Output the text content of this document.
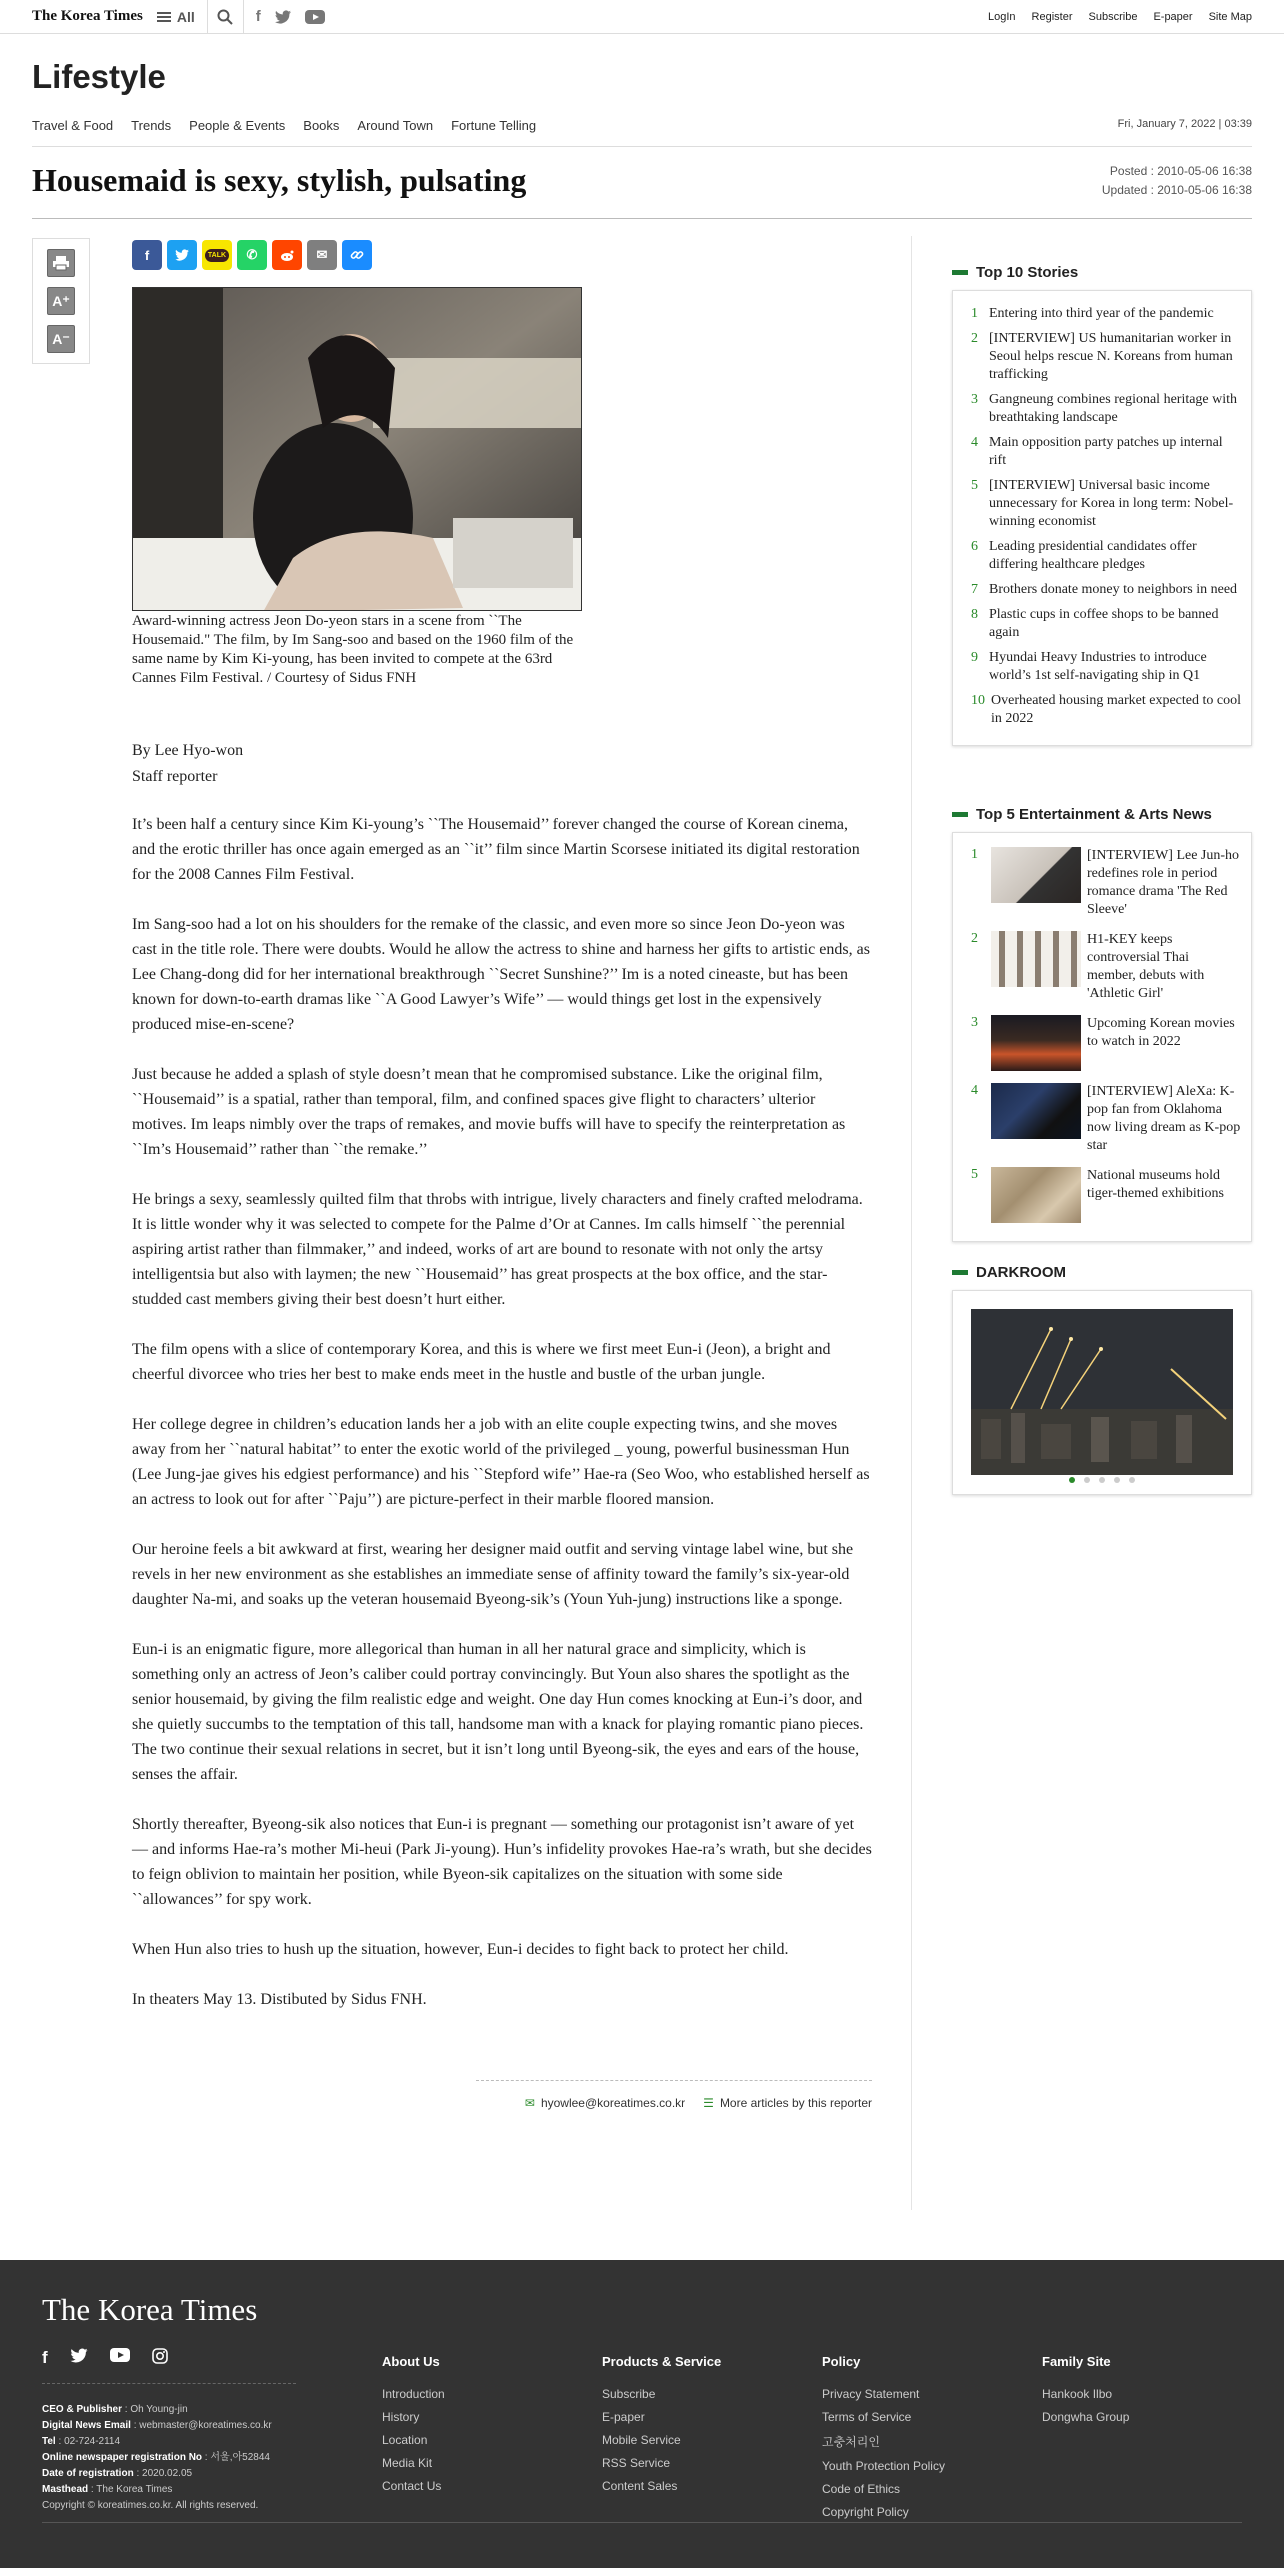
The Korea Times All	f	LogIn Register Subscribe E-paper Site Map
Lifestyle
Travel & Food Trends People & Events Books Around Town Fortune Telling	Fri, January 7, 2022 | 03:39
Housemaid is sexy, stylish, pulsating	Posted : 2010-05-06 16:38
Updated : 2010-05-06 16:38
A⁺
A⁻
f	TALK ✆	✉
Award-winning actress Jeon Do-yeon stars in a scene from ``The Housemaid." The film, by Im Sang-soo and based on the 1960 film of the same name by Kim Ki-young, has been invited to compete at the 63rd Cannes Film Festival. / Courtesy of Sidus FNH
By Lee Hyo-won
Staff reporter

It’s been half a century since Kim Ki-young’s ``The Housemaid’’ forever changed the course of Korean cinema, and the erotic thriller has once again emerged as an ``it’’ film since Martin Scorsese initiated its digital restoration for the 2008 Cannes Film Festival.

Im Sang-soo had a lot on his shoulders for the remake of the classic, and even more so since Jeon Do-yeon was cast in the title role. There were doubts. Would he allow the actress to shine and harness her gifts to artistic ends, as Lee Chang-dong did for her international breakthrough ``Secret Sunshine?’’ Im is a noted cineaste, but has been known for down-to-earth dramas like ``A Good Lawyer’s Wife’’ — would things get lost in the expensively produced mise-en-scene?

Just because he added a splash of style doesn’t mean that he compromised substance. Like the original film, ``Housemaid’’ is a spatial, rather than temporal, film, and confined spaces give flight to characters’ ulterior motives. Im leaps nimbly over the traps of remakes, and movie buffs will have to specify the reinterpretation as ``Im’s Housemaid’’ rather than ``the remake.’’

He brings a sexy, seamlessly quilted film that throbs with intrigue, lively characters and finely crafted melodrama. It is little wonder why it was selected to compete for the Palme d’Or at Cannes. Im calls himself ``the perennial aspiring artist rather than filmmaker,’’ and indeed, works of art are bound to resonate with not only the artsy intelligentsia but also with laymen; the new ``Housemaid’’ has great prospects at the box office, and the star-studded cast members giving their best doesn’t hurt either.

The film opens with a slice of contemporary Korea, and this is where we first meet Eun-i (Jeon), a bright and cheerful divorcee who tries her best to make ends meet in the hustle and bustle of the urban jungle.

Her college degree in children’s education lands her a job with an elite couple expecting twins, and she moves away from her ``natural habitat’’ to enter the exotic world of the privileged _ young, powerful businessman Hun (Lee Jung-jae gives his edgiest performance) and his ``Stepford wife’’ Hae-ra (Seo Woo, who established herself as an actress to look out for after ``Paju’’) are picture-perfect in their marble floored mansion.

Our heroine feels a bit awkward at first, wearing her designer maid outfit and serving vintage label wine, but she revels in her new environment as she establishes an immediate sense of affinity toward the family’s six-year-old daughter Na-mi, and soaks up the veteran housemaid Byeong-sik’s (Youn Yuh-jung) instructions like a sponge.

Eun-i is an enigmatic figure, more allegorical than human in all her natural grace and simplicity, which is something only an actress of Jeon’s caliber could portray convincingly. But Youn also shares the spotlight as the senior housemaid, by giving the film realistic edge and weight. One day Hun comes knocking at Eun-i’s door, and she quietly succumbs to the temptation of this tall, handsome man with a knack for playing romantic piano pieces. The two continue their sexual relations in secret, but it isn’t long until Byeong-sik, the eyes and ears of the house, senses the affair.

Shortly thereafter, Byeong-sik also notices that Eun-i is pregnant — something our protagonist isn’t aware of yet — and informs Hae-ra’s mother Mi-heui (Park Ji-young). Hun’s infidelity provokes Hae-ra’s wrath, but she decides to feign oblivion to maintain her position, while Byeon-sik capitalizes on the situation with some side ``allowances’’ for spy work.

When Hun also tries to hush up the situation, however, Eun-i decides to fight back to protect her child.

In theaters May 13. Distibuted by Sidus FNH.

✉ hyowlee@koreatimes.co.kr ☰ More articles by this reporter
Top 10 Stories
1 Entering into third year of the pandemic
2 [INTERVIEW] US humanitarian worker in Seoul helps rescue N. Koreans from human trafficking
3 Gangneung combines regional heritage with breathtaking landscape
4 Main opposition party patches up internal rift
5 [INTERVIEW] Universal basic income unnecessary for Korea in long term: Nobel-winning economist
6 Leading presidential candidates offer differing healthcare pledges
7 Brothers donate money to neighbors in need
8 Plastic cups in coffee shops to be banned again
9 Hyundai Heavy Industries to introduce world’s 1st self-navigating ship in Q1
10 Overheated housing market expected to cool in 2022
Top 5 Entertainment & Arts News
1	[INTERVIEW] Lee Jun-ho redefines role in period romance drama 'The Red Sleeve'
2	H1-KEY keeps controversial Thai member, debuts with 'Athletic Girl'
3	Upcoming Korean movies to watch in 2022
4	[INTERVIEW] AleXa: K-pop fan from Oklahoma now living dream as K-pop star
5	National museums hold tiger-themed exhibitions
DARKROOM
The Korea Times
f
CEO & Publisher : Oh Young-jin
Digital News Email : webmaster@koreatimes.co.kr
Tel : 02-724-2114
Online newspaper registration No : 서울,아52844
Date of registration : 2020.02.05
Masthead : The Korea Times
Copyright © koreatimes.co.kr. All rights reserved.
About Us
Introduction
History
Location
Media Kit
Contact Us
Products & Service
Subscribe
E-paper
Mobile Service
RSS Service
Content Sales
Policy
Privacy Statement
Terms of Service
고충처리인
Youth Protection Policy
Code of Ethics
Copyright Policy
Family Site
Hankook Ilbo
Dongwha Group
